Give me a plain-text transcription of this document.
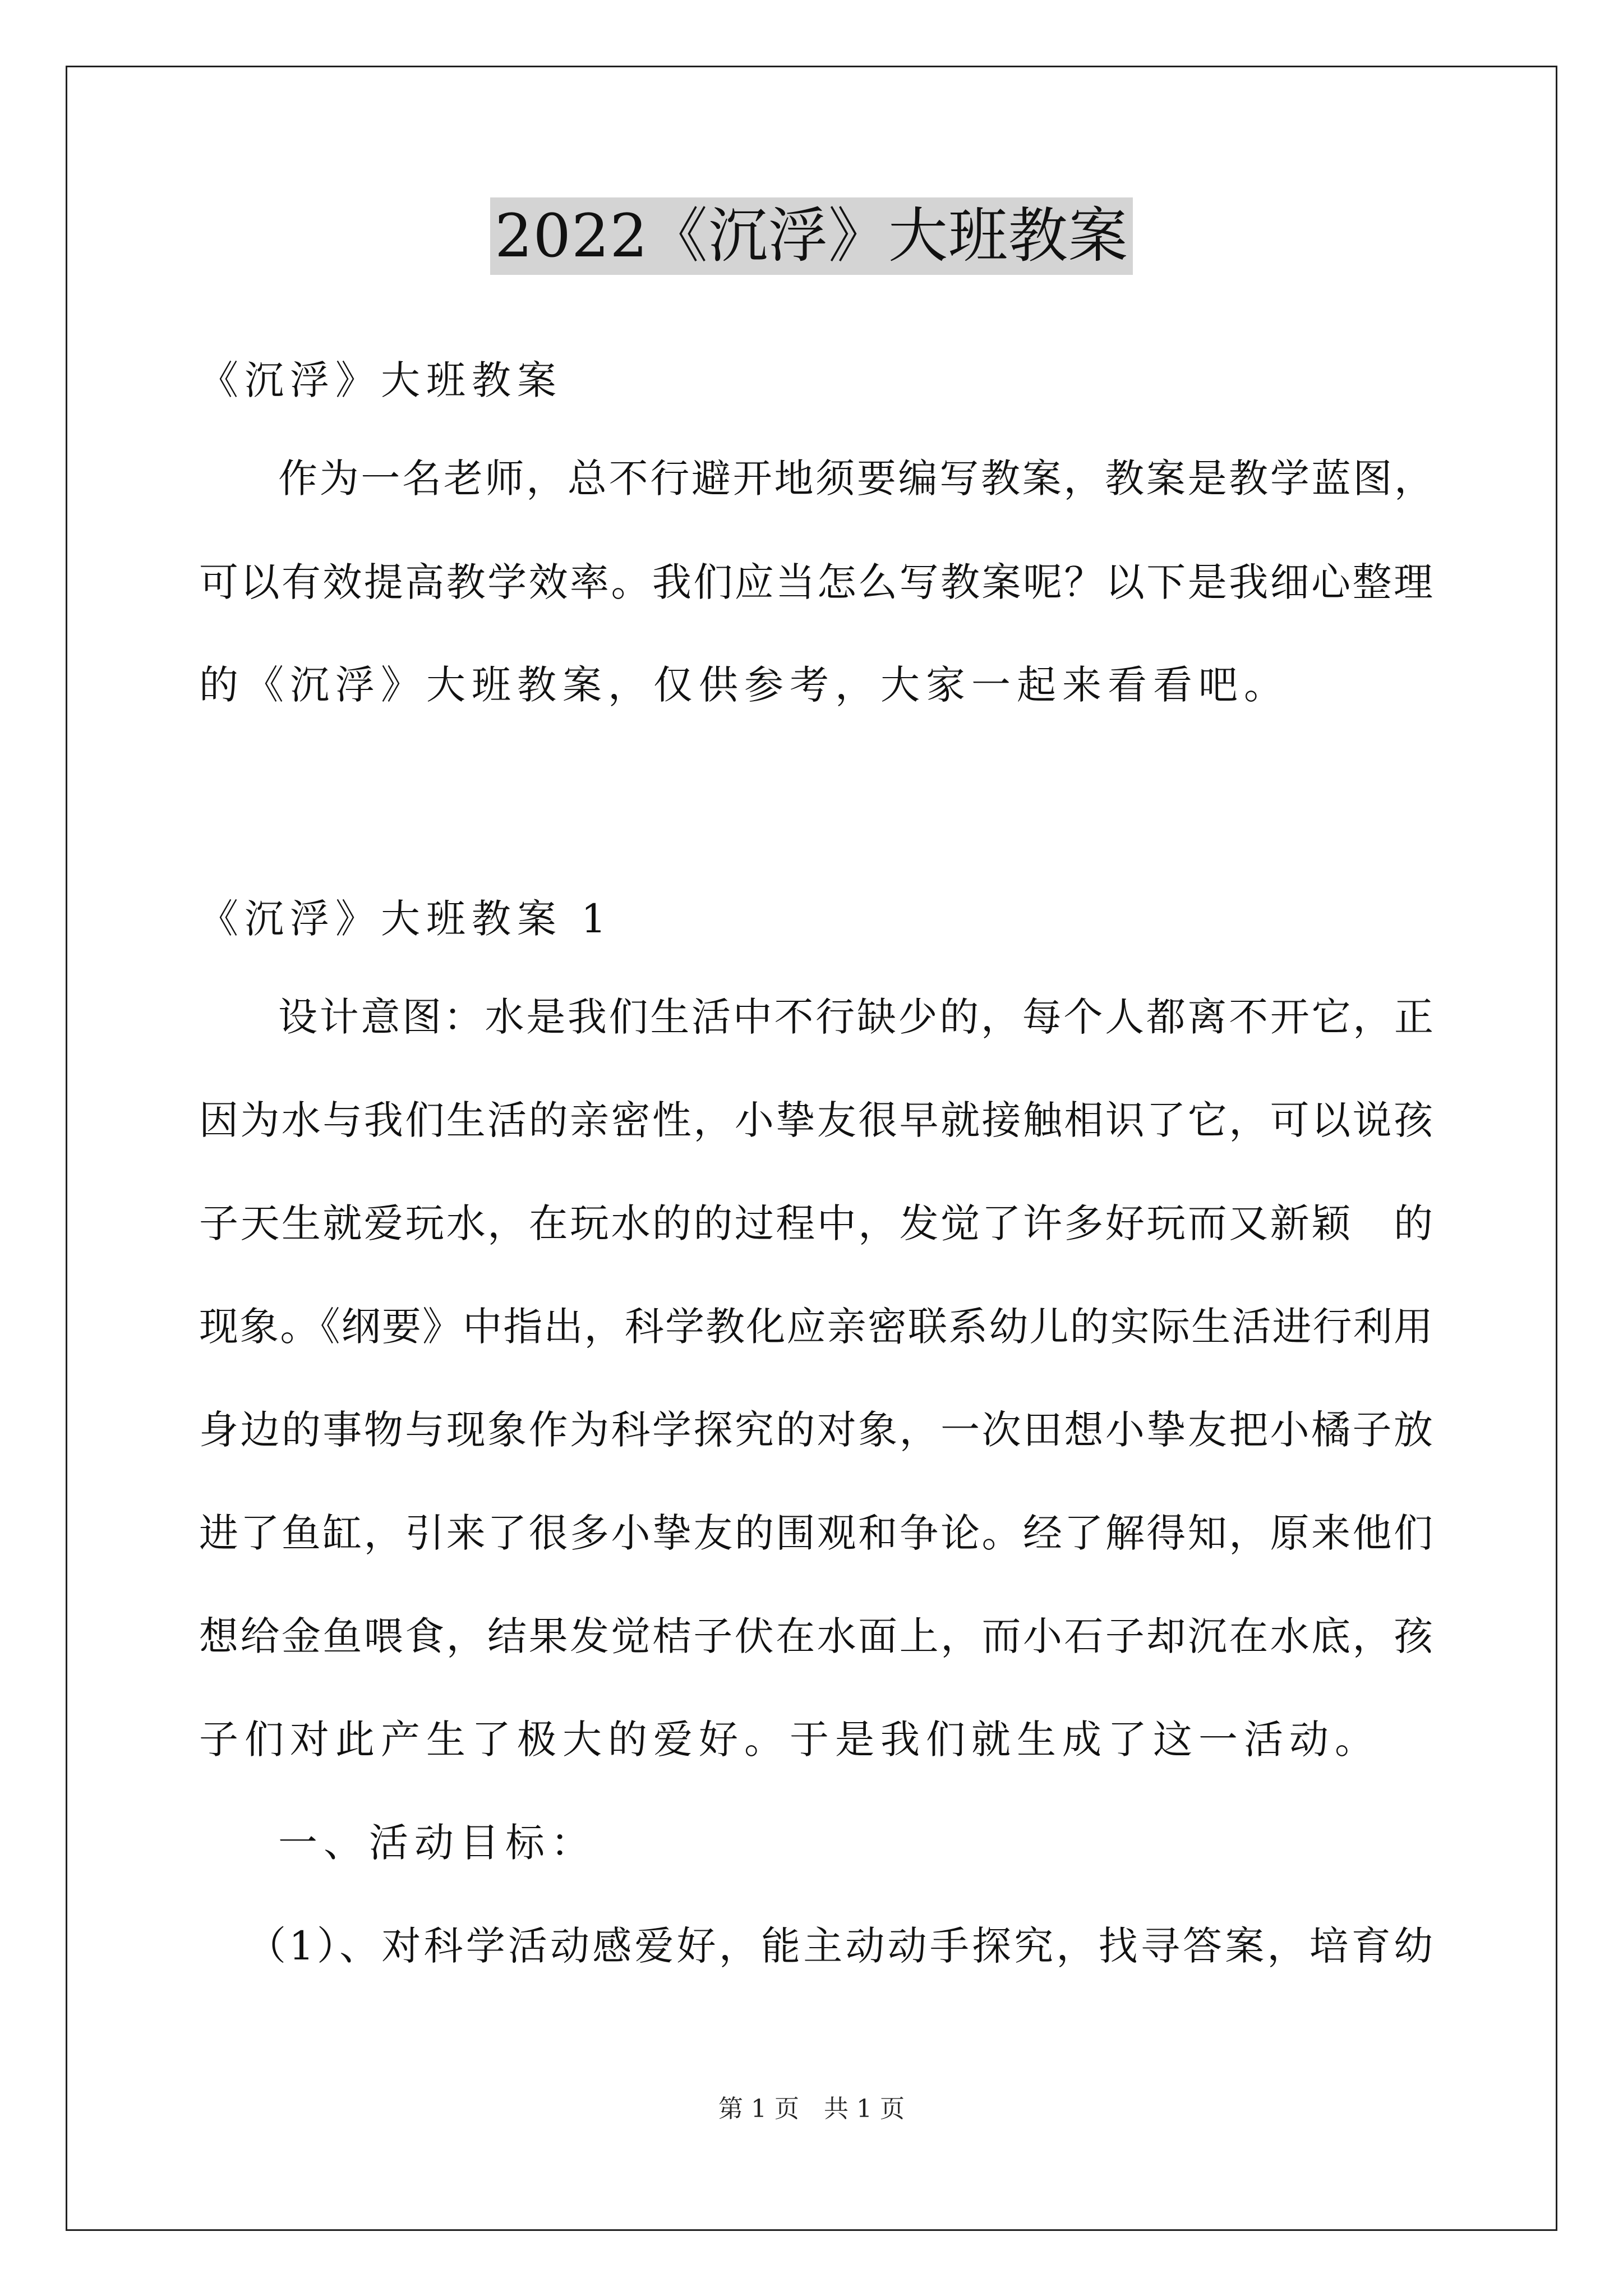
2022《沉浮》大班教案

《沉浮》大班教案

作为一名老师，总不行避开地须要编写教案，教案是教学蓝图，

可以有效提高教学效率。我们应当怎么写教案呢？以下是我细心整理

的《沉浮》大班教案，仅供参考，大家一起来看看吧。

《沉浮》大班教案 1

设计意图：水是我们生活中不行缺少的，每个人都离不开它，正

因为水与我们生活的亲密性，小挚友很早就接触相识了它，可以说孩

子天生就爱玩水，在玩水的的过程中，发觉了许多好玩而又新颖　的

现象。《纲要》中指出，科学教化应亲密联系幼儿的实际生活进行利用

身边的事物与现象作为科学探究的对象，一次田想小挚友把小橘子放

进了鱼缸，引来了很多小挚友的围观和争论。经了解得知，原来他们

想给金鱼喂食，结果发觉桔子伏在水面上，而小石子却沉在水底，孩

子们对此产生了极大的爱好。于是我们就生成了这一活动。

一、活动目标：

（1）、对科学活动感爱好，能主动动手探究，找寻答案，培育幼

第 1 页　共 1 页
